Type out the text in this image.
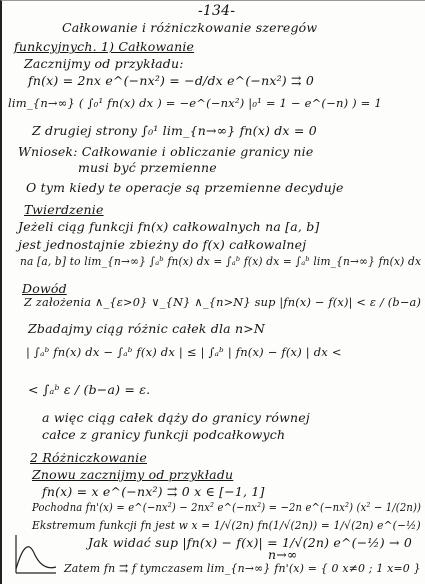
Całkowanie i różniczkowanie szeregów
funkcyjnych. 1) Całkowanie
Zacznijmy od przykładu:
fn(x) = 2nx e^(−nx²) = −d/dx e^(−nx²) ⇉ 0
lim_{n→∞} ( ∫₀¹ fn(x) dx ) = −e^(−nx²) |₀¹ = 1 − e^(−n) ) = 1
Z drugiej strony ∫₀¹ lim_{n→∞} fn(x) dx = 0
Wniosek: Całkowanie i obliczanie granicy nie
musi być przemienne
O tym kiedy te operacje są przemienne decyduje
Twierdzenie
Jeżeli ciąg funkcji fn(x) całkowalnych na [a, b]
jest jednostajnie zbieżny do f(x) całkowalnej
na [a, b] to lim_{n→∞} ∫ₐᵇ fn(x) dx = ∫ₐᵇ f(x) dx = ∫ₐᵇ lim_{n→∞} fn(x) dx
Dowód
Z założenia ∧_{ε>0} ∨_{N} ∧_{n>N} sup |fn(x) − f(x)| < ε / (b−a)
Zbadajmy ciąg różnic całek dla n>N
| ∫ₐᵇ fn(x) dx − ∫ₐᵇ f(x) dx | ≤ | ∫ₐᵇ | fn(x) − f(x) | dx <
< ∫ₐᵇ ε / (b−a) = ε.
a więc ciąg całek dąży do granicy równej
całce z granicy funkcji podcałkowych
2 Różniczkowanie
Znowu zacznijmy od przykładu
fn(x) = x e^(−nx²) ⇉ 0 x ∈ [−1, 1]
Pochodna fn'(x) = e^(−nx²) − 2nx² e^(−nx²) = −2n e^(−nx²) (x² − 1/(2n))
Ekstremum funkcji fn jest w x = 1/√(2n) fn(1/√(2n)) = 1/√(2n) e^(−½)
Jak widać sup |fn(x) − f(x)| = 1/√(2n) e^(−½) → 0
n→∞
Zatem fn ⇉ f tymczasem lim_{n→∞} fn'(x) = { 0 x≠0 ; 1 x=0 }
-134-
